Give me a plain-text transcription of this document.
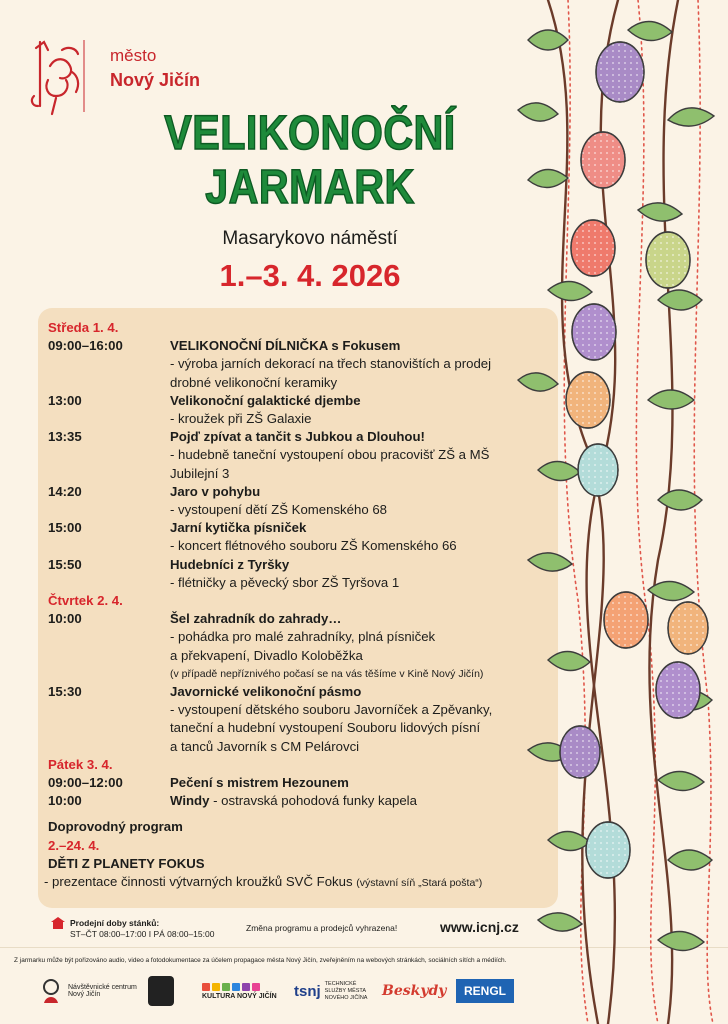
město
Nový Jičín
VELIKONOČNÍ
JARMARK
Masarykovo náměstí
1.–3. 4. 2026
Středa 1. 4.
09:00–16:00	VELIKONOČNÍ DÍLNIČKA s Fokusem
- výroba jarních dekorací na třech stanovištích a prodej
drobné velikonoční keramiky
13:00	Velikonoční galaktické djembe
- kroužek při ZŠ Galaxie
13:35	Pojď zpívat a tančit s Jubkou a Dlouhou!
- hudebně taneční vystoupení obou pracovišť ZŠ a MŠ
Jubilejní 3
14:20	Jaro v pohybu
- vystoupení dětí ZŠ Komenského 68
15:00	Jarní kytička písniček
- koncert flétnového souboru ZŠ Komenského 66
15:50	Hudebníci z Tyršky
- flétničky a pěvecký sbor ZŠ Tyršova 1
Čtvrtek 2. 4.
10:00	Šel zahradník do zahrady…
- pohádka pro malé zahradníky, plná písniček
a překvapení, Divadlo Koloběžka
(v případě nepříznivého počasí se na vás těšíme v Kině Nový Jičín)
15:30	Javornické velikonoční pásmo
- vystoupení dětského souboru Javorníček a Zpěvanky,
taneční a hudební vystoupení Souboru lidových písní
a tanců Javorník s CM Pelárovci
Pátek 3. 4.
09:00–12:00	Pečení s mistrem Hezounem
10:00	Windy - ostravská pohodová funky kapela
Doprovodný program
2.–24. 4.
DĚTI Z PLANETY FOKUS
- prezentace činnosti výtvarných kroužků SVČ Fokus (výstavní síň „Stará pošta“)
Prodejní doby stánků:
ST–ČT 08:00–17:00 I PÁ 08:00–15:00
Změna programu a prodejců vyhrazena!	www.icnj.cz
Z jarmarku může být pořizováno audio, video a fotodokumentace za účelem propagace města Nový Jičín, zveřejněním na webových stránkách, sociálních sítích a médiích.
Návštěvnické centrum
Nový Jičín	KULTURA NOVÝ JIČÍN tsnj TECHNICKÉ
SLUŽBY MĚSTA
NOVÉHO JIČÍNA Beskydy	RENGL
